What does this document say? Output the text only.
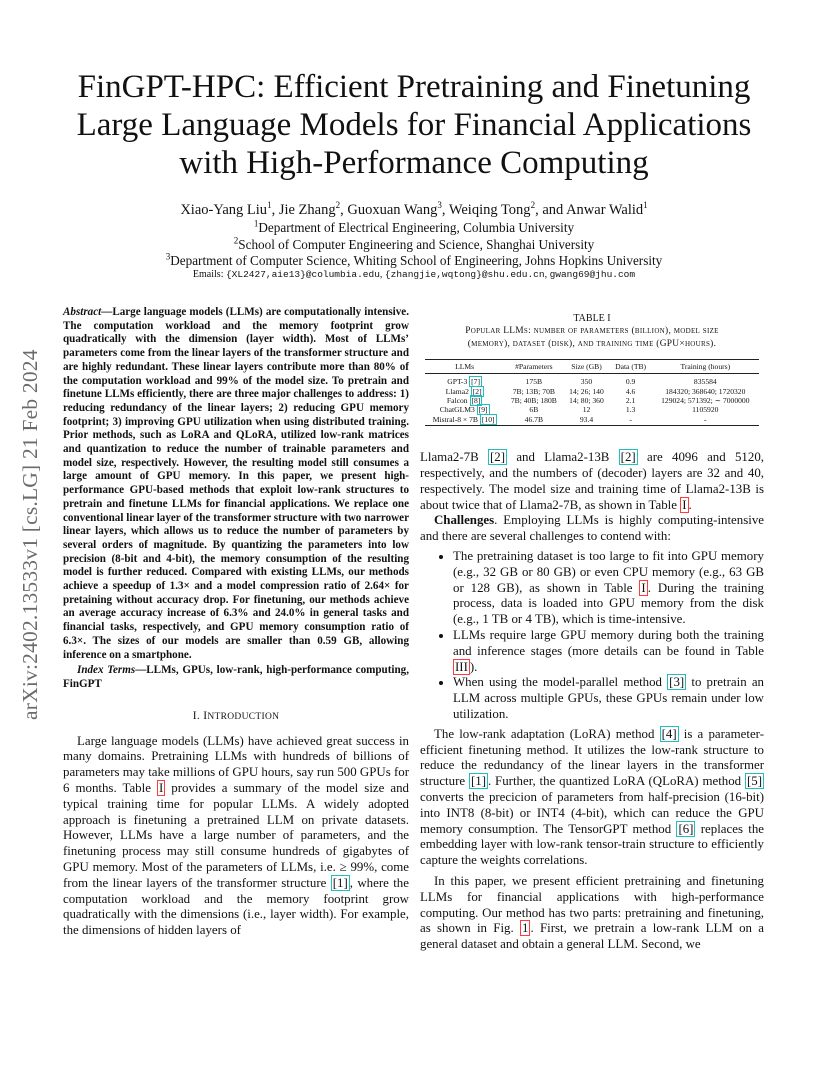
arXiv:2402.13533v1 [cs.LG] 21 Feb 2024
FinGPT-HPC: Efficient Pretraining and Finetuning
Large Language Models for Financial Applications
with High-Performance Computing
Xiao-Yang Liu$^1$, Jie Zhang$^2$, Guoxuan Wang$^3$, Weiqing Tong$^2$, and Anwar Walid$^1$
$^1$Department of Electrical Engineering, Columbia University
$^2$School of Computer Engineering and Science, Shanghai University
$^3$Department of Computer Science, Whiting School of Engineering, Johns Hopkins University
Emails: {XL2427,aie13}@columbia.edu, {zhangjie,wqtong}@shu.edu.cn, gwang69@jhu.com

Abstract—Large language models (LLMs) are computationally intensive. The computation workload and the memory footprint grow quadratically with the dimension (layer width). Most of LLMs’ parameters come from the linear layers of the transformer structure and are highly redundant. These linear layers contribute more than 80% of the computation workload and 99% of the model size. To pretrain and finetune LLMs efficiently, there are three major challenges to address: 1) reducing redundancy of the linear layers; 2) reducing GPU memory footprint; 3) improving GPU utilization when using distributed training. Prior methods, such as LoRA and QLoRA, utilized low-rank matrices and quantization to reduce the number of trainable parameters and model size, respectively. However, the resulting model still consumes a large amount of GPU memory. In this paper, we present high-performance GPU-based methods that exploit low-rank structures to pretrain and finetune LLMs for financial applications. We replace one conventional linear layer of the transformer structure with two narrower linear layers, which allows us to reduce the number of parameters by several orders of magnitude. By quantizing the parameters into low precision (8-bit and 4-bit), the memory consumption of the resulting model is further reduced. Compared with existing LLMs, our methods achieve a speedup of 1.3× and a model compression ratio of 2.64× for pretaining without accuracy drop. For finetuning, our methods achieve an average accuracy increase of 6.3% and 24.0% in general tasks and financial tasks, respectively, and GPU memory consumption ratio of 6.3×. The sizes of our models are smaller than 0.59 GB, allowing inference on a smartphone.

Index Terms—LLMs, GPUs, low-rank, high-performance computing, FinGPT

I. INTRODUCTION

Large language models (LLMs) have achieved great success in many domains. Pretraining LLMs with hundreds of billions of parameters may take millions of GPU hours, say run 500 GPUs for 6 months. Table I provides a summary of the model size and typical training time for popular LLMs. A widely adopted approach is finetuning a pretrained LLM on private datasets. However, LLMs have a large number of parameters, and the finetuning process may still consume hundreds of gigabytes of GPU memory. Most of the parameters of LLMs, i.e. ≥ 99%, come from the linear layers of the transformer structure [1] , where the computation workload and the memory footprint grow quadratically with the dimensions (i.e., layer width). For example, the dimensions of hidden layers of

TABLE I
Popular LLMs: number of parameters (billion), model size
(memory), dataset (disk), and training time (GPU×hours).
LLMs	#Parameters	Size (GB)	Data (TB)	Training (hours)
GPT-3 [7]	175B	350	0.9	835584
Llama2 [2]	7B; 13B; 70B	14; 26; 140	4.6	184320; 368640; 1720320
Falcon [8]	7B; 40B; 180B	14; 80; 360	2.1	129024; 571392; ∼ 7000000
ChatGLM3 [9]	6B	12	1.3	1105920
Mistral-8 × 7B [10]	46.7B	93.4	-	-

Llama2-7B [2] and Llama2-13B [2] are 4096 and 5120, respectively, and the numbers of (decoder) layers are 32 and 40, respectively. The model size and training time of Llama2-13B is about twice that of Llama2-7B, as shown in Table I .

Challenges. Employing LLMs is highly computing-intensive and there are several challenges to contend with:

• The pretraining dataset is too large to fit into GPU memory (e.g., 32 GB or 80 GB) or even CPU memory (e.g., 63 GB or 128 GB), as shown in Table I . During the training process, data is loaded into GPU memory from the disk (e.g., 1 TB or 4 TB), which is time-intensive.
• LLMs require large GPU memory during both the training and inference stages (more details can be found in Table III ).
• When using the model-parallel method [3] to pretrain an LLM across multiple GPUs, these GPUs remain under low utilization.

The low-rank adaptation (LoRA) method [4] is a parameter-efficient finetuning method. It utilizes the low-rank structure to reduce the redundancy of the linear layers in the transformer structure [1] . Further, the quantized LoRA (QLoRA) method [5] converts the precicion of parameters from half-precision (16-bit) into INT8 (8-bit) or INT4 (4-bit), which can reduce the GPU memory consumption. The TensorGPT method [6] replaces the embedding layer with low-rank tensor-train structure to efficiently capture the weights correlations.

In this paper, we present efficient pretraining and finetuning LLMs for financial applications with high-performance computing. Our method has two parts: pretraining and finetuning, as shown in Fig. 1 . First, we pretrain a low-rank LLM on a general dataset and obtain a general LLM. Second, we
